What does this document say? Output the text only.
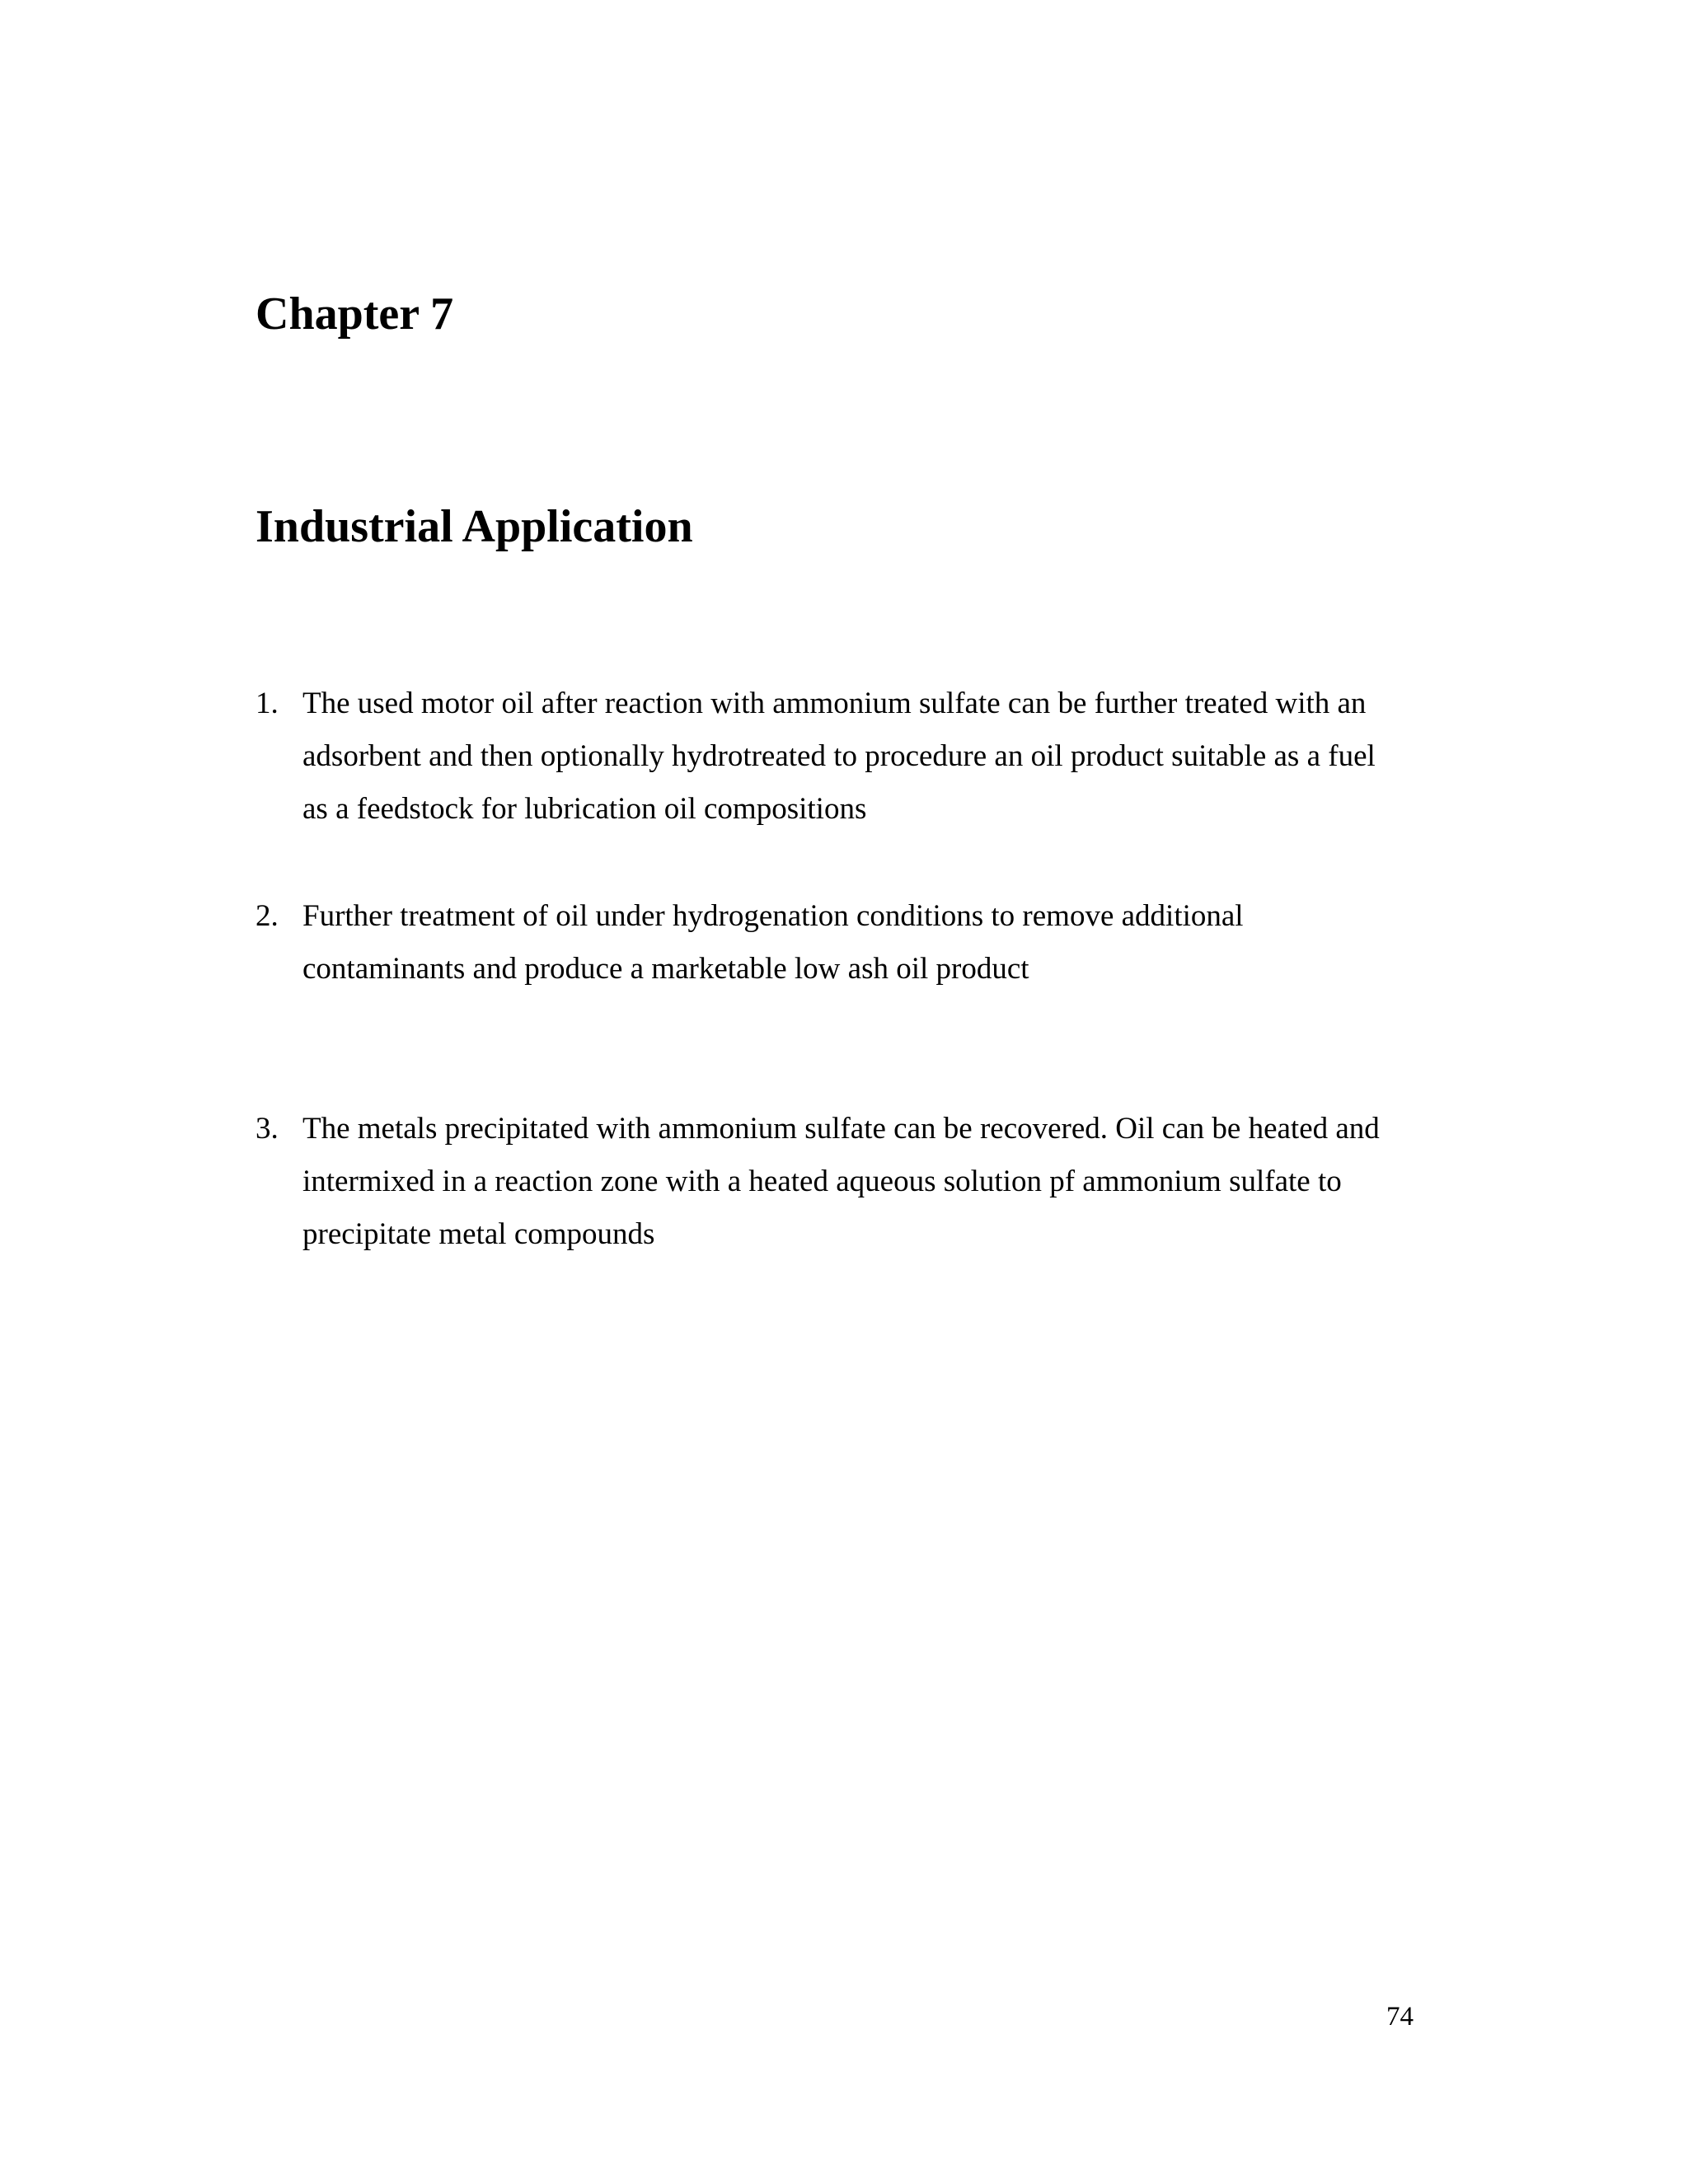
Chapter 7
Industrial Application
1. The used motor oil after reaction with ammonium sulfate can be further treated with an
adsorbent and then optionally hydrotreated to procedure an oil product suitable as a fuel
as a feedstock for lubrication oil compositions
2. Further treatment of oil under hydrogenation conditions to remove additional
contaminants and produce a marketable low ash oil product
3. The metals precipitated with ammonium sulfate can be recovered. Oil can be heated and
intermixed in a reaction zone with a heated aqueous solution pf ammonium sulfate to
precipitate metal compounds
74
